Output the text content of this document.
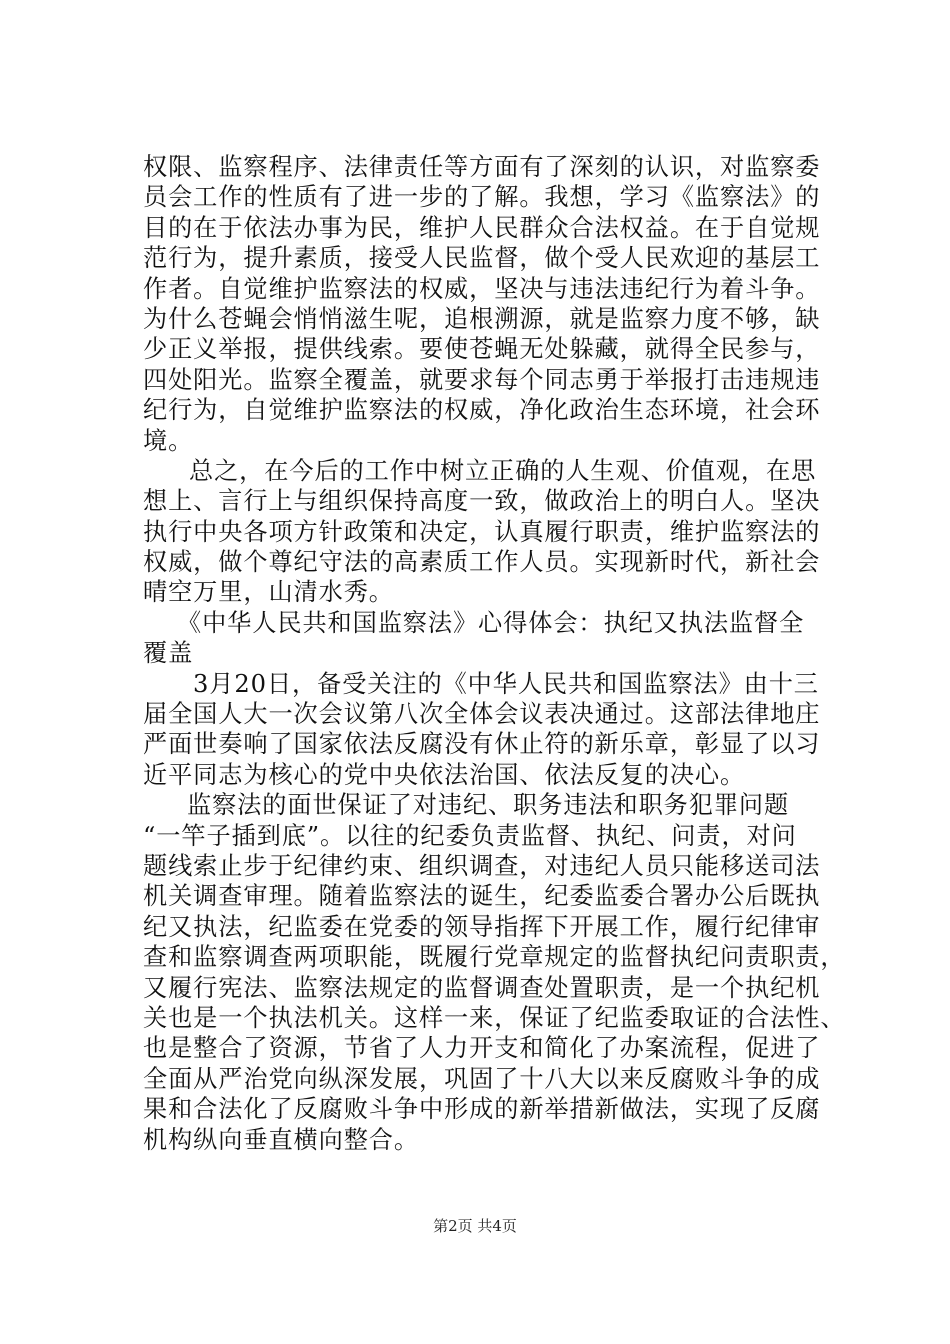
权限、监察程序、法律责任等方面有了深刻的认识，对监察委
员会工作的性质有了进一步的了解。我想，学习《监察法》的
目的在于依法办事为民，维护人民群众合法权益。在于自觉规
范行为，提升素质，接受人民监督，做个受人民欢迎的基层工
作者。自觉维护监察法的权威，坚决与违法违纪行为着斗争。
为什么苍蝇会悄悄滋生呢，追根溯源，就是监察力度不够，缺
少正义举报，提供线索。要使苍蝇无处躲藏，就得全民参与，
四处阳光。监察全覆盖，就要求每个同志勇于举报打击违规违
纪行为，自觉维护监察法的权威，净化政治生态环境，社会环
境。
总之，在今后的工作中树立正确的人生观、价值观，在思
想上、言行上与组织保持高度一致，做政治上的明白人。坚决
执行中央各项方针政策和决定，认真履行职责，维护监察法的
权威，做个尊纪守法的高素质工作人员。实现新时代，新社会
晴空万里，山清水秀。
《中华人民共和国监察法》心得体会：执纪又执法监督全
覆盖
3月20日，备受关注的《中华人民共和国监察法》由十三
届全国人大一次会议第八次全体会议表决通过。这部法律地庄
严面世奏响了国家依法反腐没有休止符的新乐章，彰显了以习
近平同志为核心的党中央依法治国、依法反复的决心。
监察法的面世保证了对违纪、职务违法和职务犯罪问题
“一竿子插到底”。以往的纪委负责监督、执纪、问责，对问
题线索止步于纪律约束、组织调查，对违纪人员只能移送司法
机关调查审理。随着监察法的诞生，纪委监委合署办公后既执
纪又执法，纪监委在党委的领导指挥下开展工作，履行纪律审
查和监察调查两项职能，既履行党章规定的监督执纪问责职责，
又履行宪法、监察法规定的监督调查处置职责，是一个执纪机
关也是一个执法机关。这样一来，保证了纪监委取证的合法性、
也是整合了资源，节省了人力开支和简化了办案流程，促进了
全面从严治党向纵深发展，巩固了十八大以来反腐败斗争的成
果和合法化了反腐败斗争中形成的新举措新做法，实现了反腐
机构纵向垂直横向整合。
第2页 共4页
